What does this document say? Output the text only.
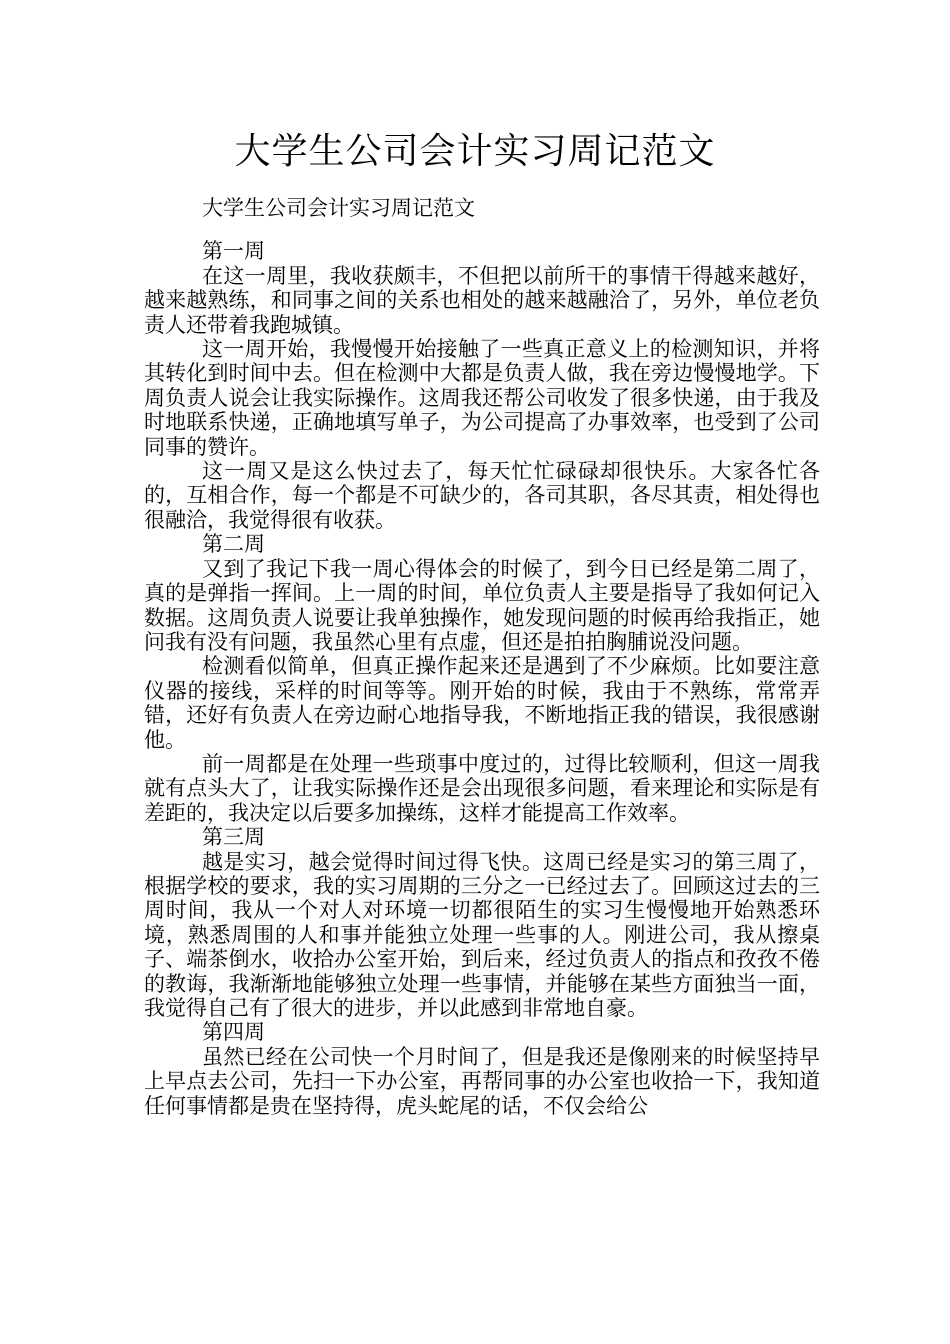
大学生公司会计实习周记范文

大学生公司会计实习周记范文

第一周

在这一周里，我收获颇丰，不但把以前所干的事情干得越来越好，越来越熟练，和同事之间的关系也相处的越来越融洽了，另外，单位老负责人还带着我跑城镇。

这一周开始，我慢慢开始接触了一些真正意义上的检测知识，并将其转化到时间中去。但在检测中大都是负责人做，我在旁边慢慢地学。下周负责人说会让我实际操作。这周我还帮公司收发了很多快递，由于我及时地联系快递，正确地填写单子，为公司提高了办事效率，也受到了公司同事的赞许。

这一周又是这么快过去了，每天忙忙碌碌却很快乐。大家各忙各的，互相合作，每一个都是不可缺少的，各司其职，各尽其责，相处得也很融洽，我觉得很有收获。

第二周

又到了我记下我一周心得体会的时候了，到今日已经是第二周了，真的是弹指一挥间。上一周的时间，单位负责人主要是指导了我如何记入数据。这周负责人说要让我单独操作，她发现问题的时候再给我指正，她问我有没有问题，我虽然心里有点虚，但还是拍拍胸脯说没问题。

检测看似简单，但真正操作起来还是遇到了不少麻烦。比如要注意仪器的接线，采样的时间等等。刚开始的时候，我由于不熟练，常常弄错，还好有负责人在旁边耐心地指导我，不断地指正我的错误，我很感谢他。

前一周都是在处理一些琐事中度过的，过得比较顺利，但这一周我就有点头大了，让我实际操作还是会出现很多问题，看来理论和实际是有差距的，我决定以后要多加操练，这样才能提高工作效率。

第三周

越是实习，越会觉得时间过得飞快。这周已经是实习的第三周了，根据学校的要求，我的实习周期的三分之一已经过去了。回顾这过去的三周时间，我从一个对人对环境一切都很陌生的实习生慢慢地开始熟悉环境，熟悉周围的人和事并能独立处理一些事的人。刚进公司，我从擦桌子、端茶倒水，收拾办公室开始，到后来，经过负责人的指点和孜孜不倦的教诲，我渐渐地能够独立处理一些事情，并能够在某些方面独当一面，我觉得自己有了很大的进步，并以此感到非常地自豪。

第四周

虽然已经在公司快一个月时间了，但是我还是像刚来的时候坚持早上早点去公司，先扫一下办公室，再帮同事的办公室也收拾一下，我知道任何事情都是贵在坚持得，虎头蛇尾的话，不仅会给公
